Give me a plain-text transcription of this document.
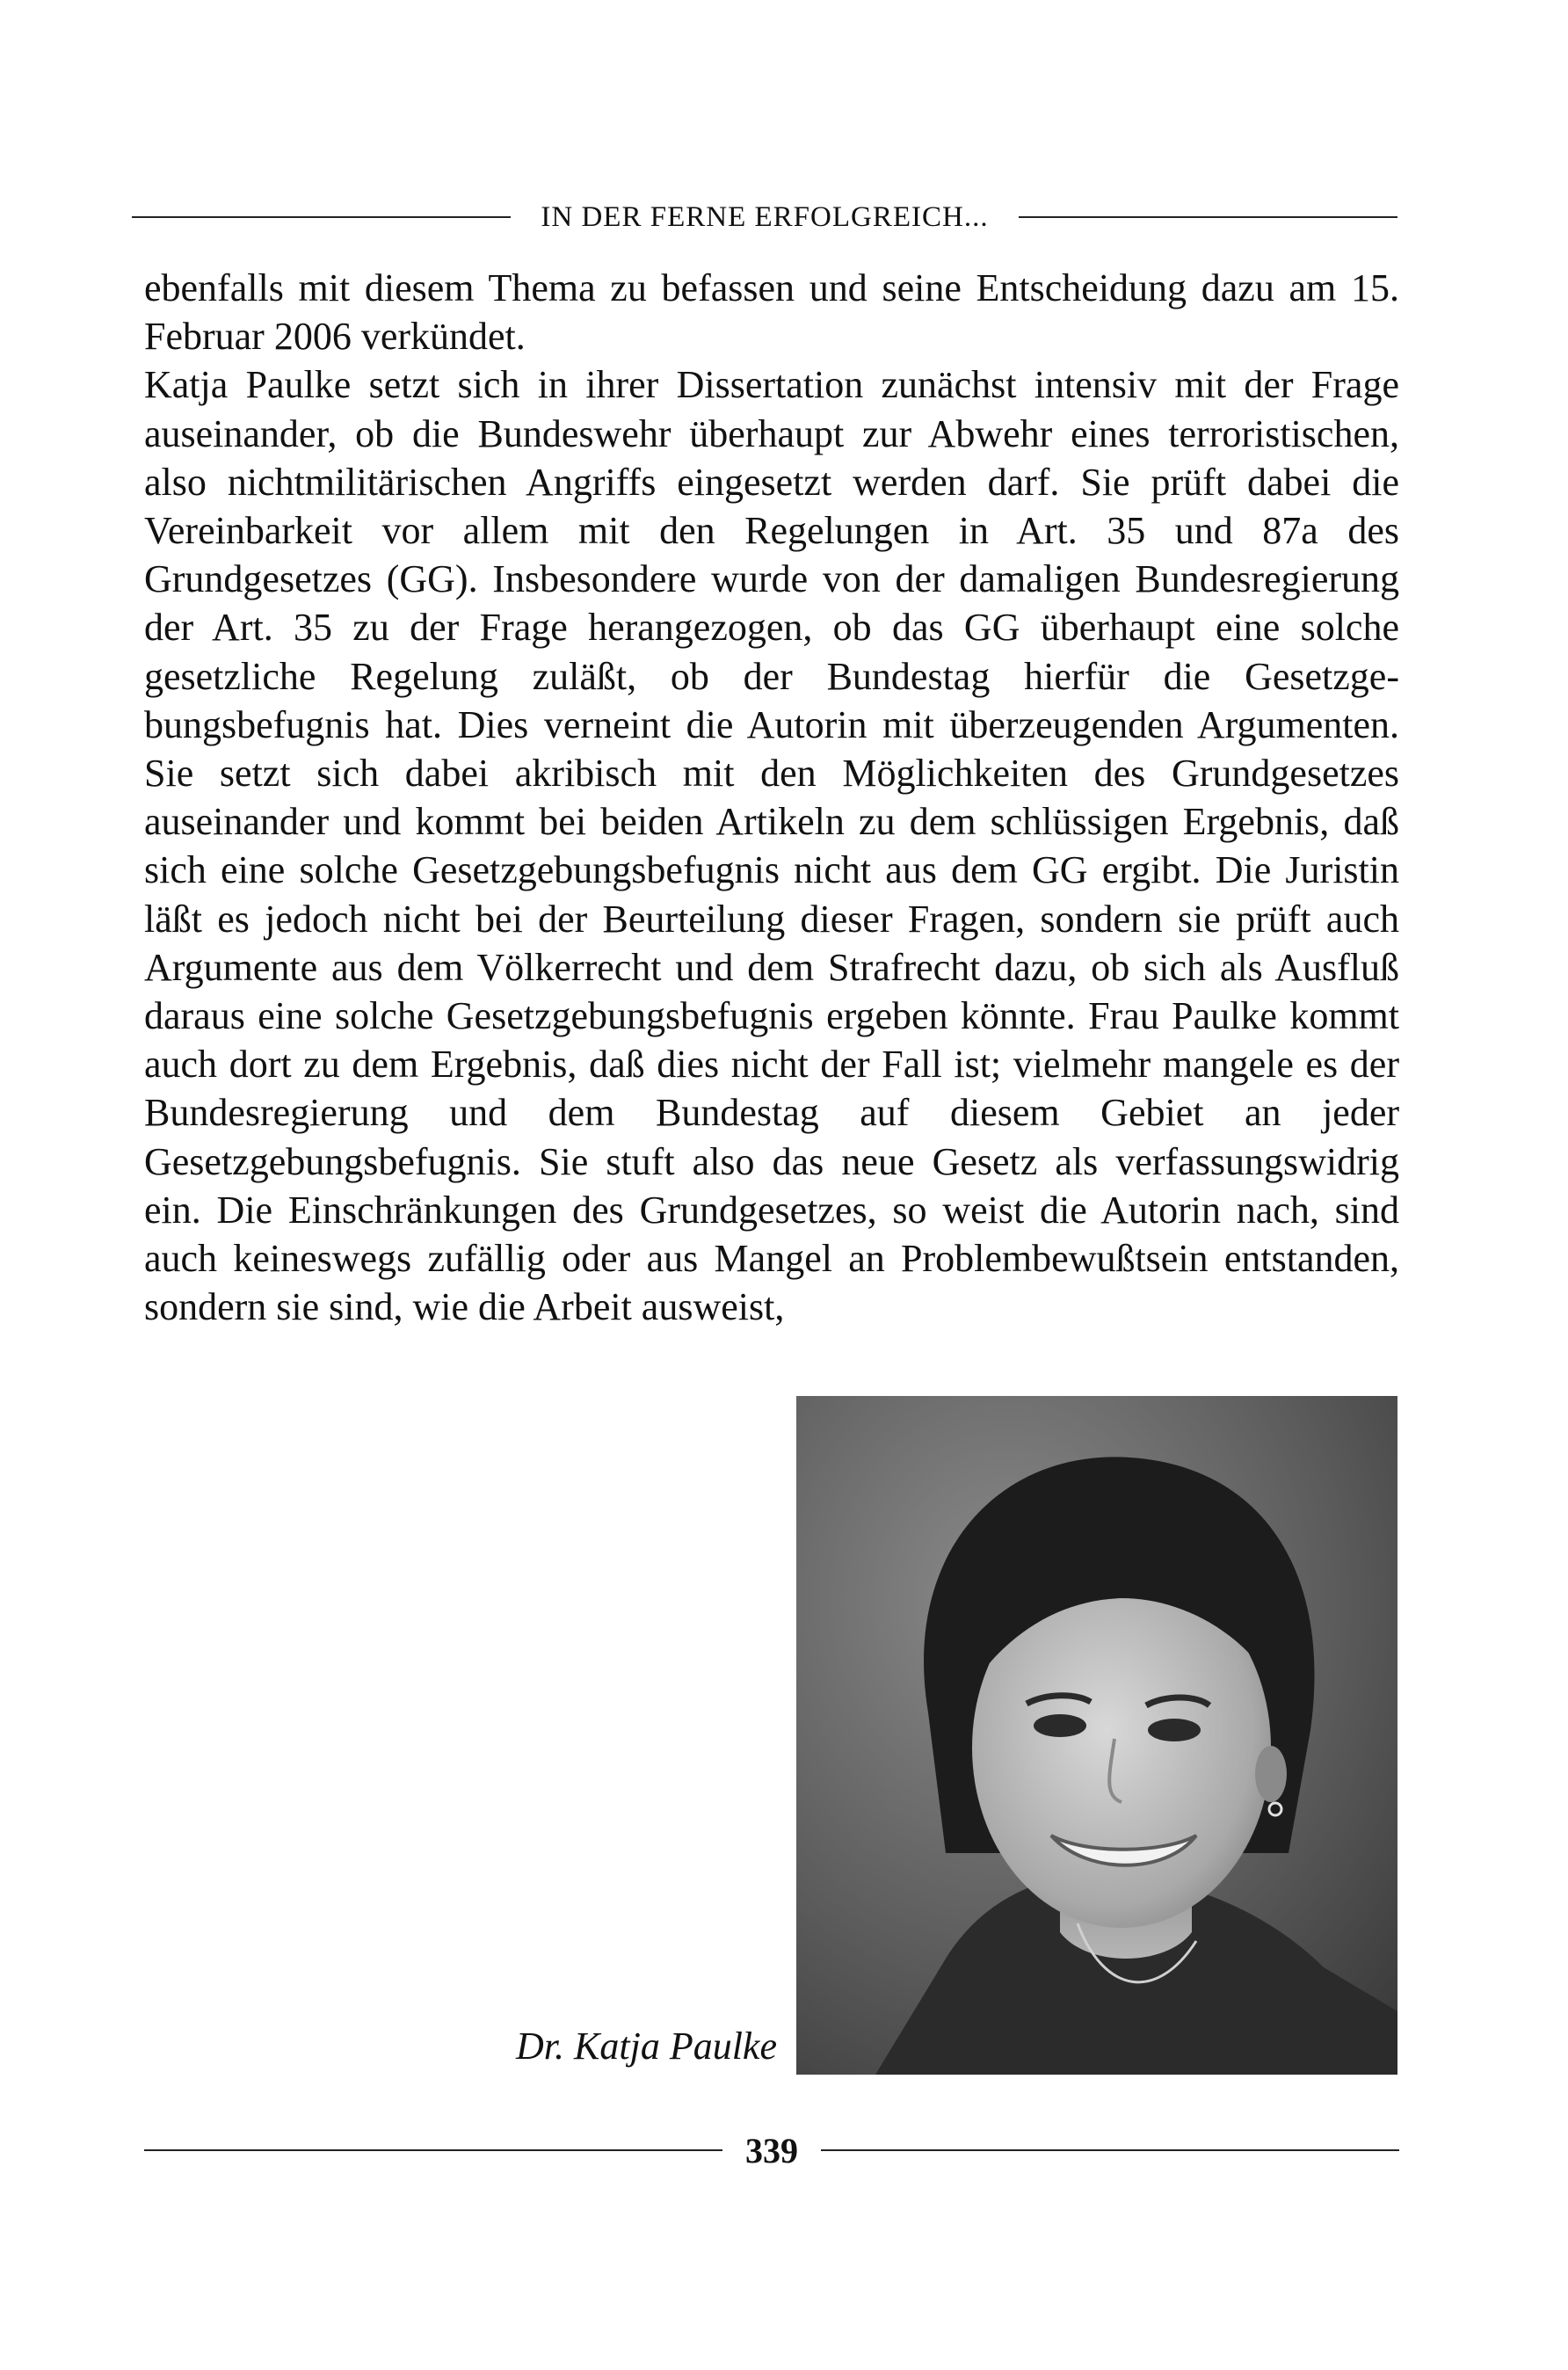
IN DER FERNE ERFOLGREICH...

ebenfalls mit diesem Thema zu befassen und seine Entscheidung dazu am 15. Februar 2006 verkündet.

Katja Paulke setzt sich in ihrer Dissertation zunächst intensiv mit der Frage auseinander, ob die Bundeswehr überhaupt zur Abwehr eines terroristischen, also nichtmilitärischen Angriffs eingesetzt werden darf. Sie prüft dabei die Vereinbarkeit vor allem mit den Regelungen in Art. 35 und 87a des Grundgesetzes (GG). Insbesondere wurde von der damaligen Bundesregierung der Art. 35 zu der Frage herangezogen, ob das GG überhaupt eine solche gesetzliche Regelung zuläßt, ob der Bundestag hierfür die Gesetzgebungsbefugnis hat. Dies verneint die Autorin mit überzeugenden Argumenten. Sie setzt sich dabei akribisch mit den Möglichkeiten des Grundgesetzes auseinander und kommt bei beiden Artikeln zu dem schlüssigen Ergebnis, daß sich eine solche Gesetzgebungsbefugnis nicht aus dem GG ergibt. Die Juristin läßt es jedoch nicht bei der Beurteilung dieser Fragen, sondern sie prüft auch Argumente aus dem Völkerrecht und dem Strafrecht dazu, ob sich als Ausfluß daraus eine solche Gesetzgebungsbefugnis ergeben könnte. Frau Paulke kommt auch dort zu dem Ergebnis, daß dies nicht der Fall ist; vielmehr mangele es der Bundesregierung und dem Bundestag auf diesem Gebiet an jeder Gesetzgebungsbefugnis. Sie stuft also das neue Gesetz als verfassungswidrig ein. Die Einschränkungen des Grundgesetzes, so weist die Autorin nach, sind auch keineswegs zufällig oder aus Mangel an Problembewußtsein entstanden, sondern sie sind, wie die Arbeit ausweist,

Dr. Katja Paulke
339
